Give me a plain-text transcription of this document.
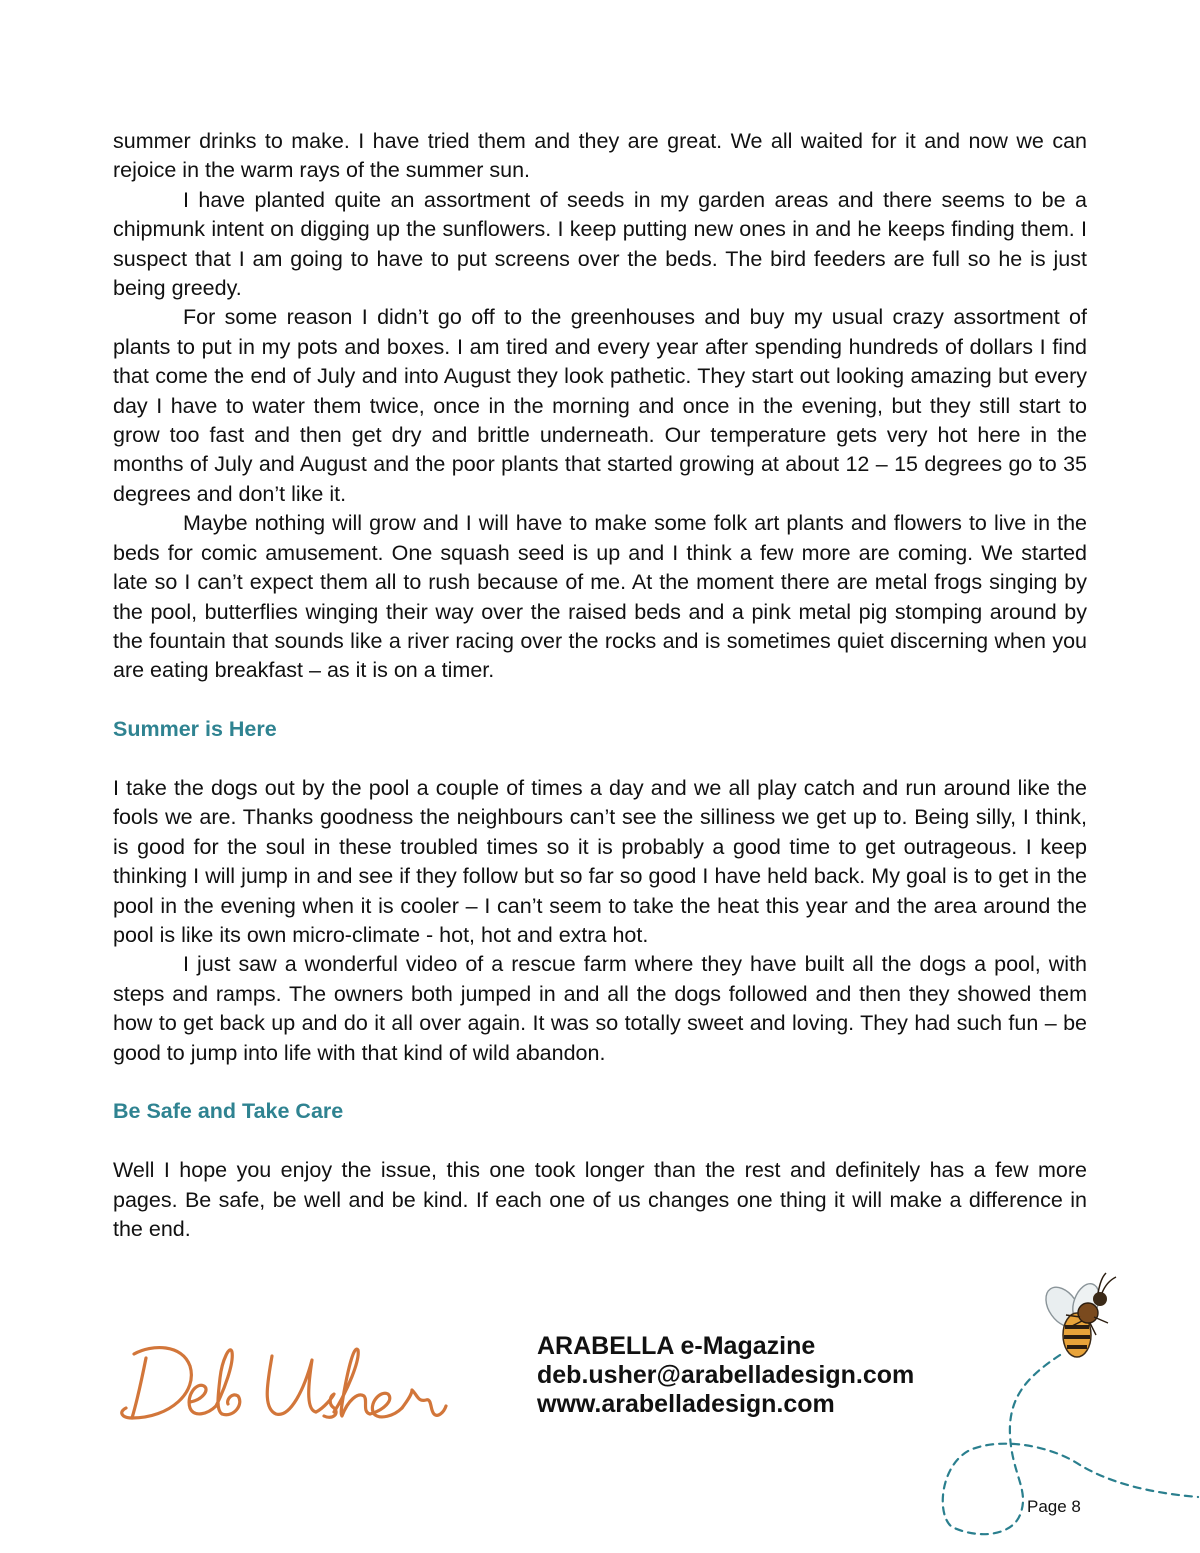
summer drinks to make. I have tried them and they are great. We all waited for it and now we can rejoice in the warm rays of the summer sun.

I have planted quite an assortment of seeds in my garden areas and there seems to be a chipmunk intent on digging up the sunflowers. I keep putting new ones in and he keeps finding them. I suspect that I am going to have to put screens over the beds. The bird feeders are full so he is just being greedy.

For some reason I didn’t go off to the greenhouses and buy my usual crazy assortment of plants to put in my pots and boxes. I am tired and every year after spending hundreds of dollars I find that come the end of July and into August they look pathetic. They start out looking amazing but every day I have to water them twice, once in the morning and once in the evening, but they still start to grow too fast and then get dry and brittle underneath. Our temperature gets very hot here in the months of July and August and the poor plants that started growing at about 12 – 15 degrees go to 35 degrees and don’t like it.

Maybe nothing will grow and I will have to make some folk art plants and flowers to live in the beds for comic amusement. One squash seed is up and I think a few more are coming. We started late so I can’t expect them all to rush because of me. At the moment there are metal frogs singing by the pool, butterflies winging their way over the raised beds and a pink metal pig stomping around by the fountain that sounds like a river racing over the rocks and is sometimes quiet discerning when you are eating breakfast – as it is on a timer.

Summer is Here

I take the dogs out by the pool a couple of times a day and we all play catch and run around like the fools we are. Thanks goodness the neighbours can’t see the silliness we get up to. Being silly, I think, is good for the soul in these troubled times so it is probably a good time to get outrageous. I keep thinking I will jump in and see if they follow but so far so good I have held back. My goal is to get in the pool in the evening when it is cooler – I can’t seem to take the heat this year and the area around the pool is like its own micro-climate - hot, hot and extra hot.

I just saw a wonderful video of a rescue farm where they have built all the dogs a pool, with steps and ramps. The owners both jumped in and all the dogs followed and then they showed them how to get back up and do it all over again. It was so totally sweet and loving. They had such fun – be good to jump into life with that kind of wild abandon.

Be Safe and Take Care

Well I hope you enjoy the issue, this one took longer than the rest and definitely has a few more pages. Be safe, be well and be kind. If each one of us changes one thing it will make a difference in the end.

ARABELLA e-Magazine
deb.usher@arabelladesign.com
www.arabelladesign.com
Page 8
